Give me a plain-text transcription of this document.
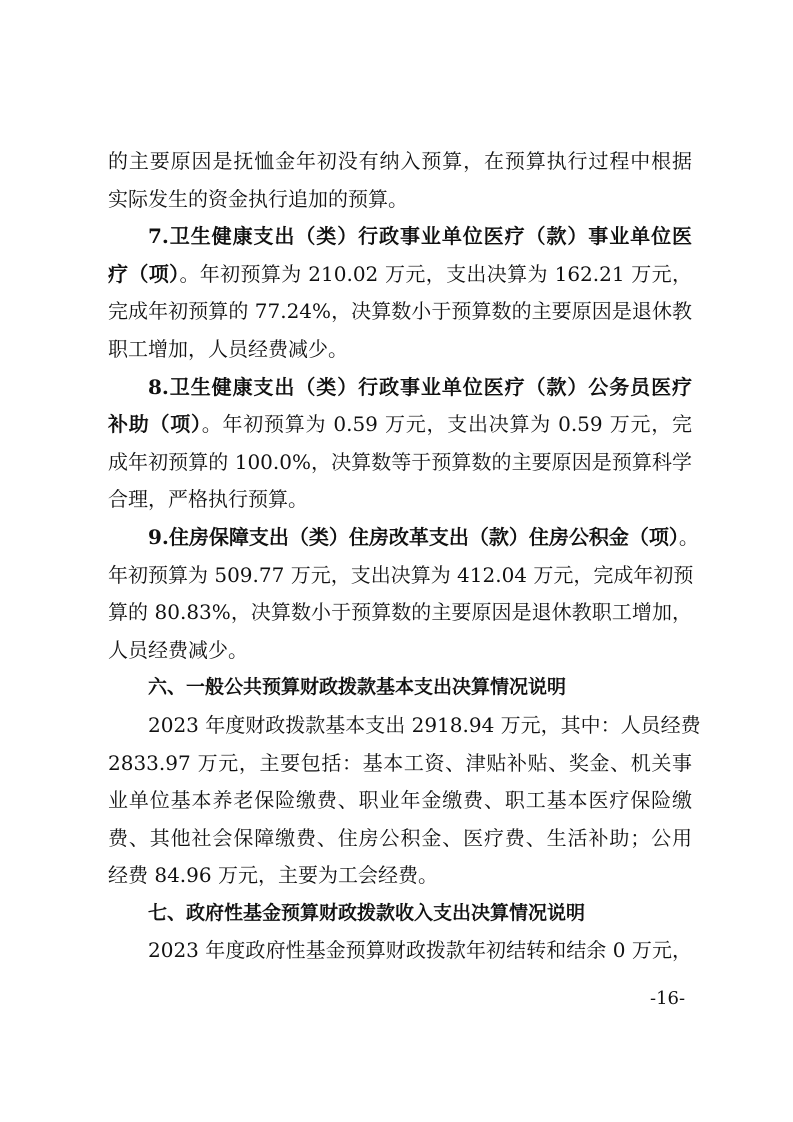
的主要原因是抚恤金年初没有纳入预算，在预算执行过程中根据
实际发生的资金执行追加的预算。
7.卫生健康支出（类）行政事业单位医疗（款）事业单位医
疗（项）。年初预算为 210.02 万元，支出决算为 162.21 万元，
完成年初预算的 77.24%，决算数小于预算数的主要原因是退休教
职工增加，人员经费减少。
8.卫生健康支出（类）行政事业单位医疗（款）公务员医疗
补助（项）。年初预算为 0.59 万元，支出决算为 0.59 万元，完
成年初预算的 100.0%，决算数等于预算数的主要原因是预算科学
合理，严格执行预算。
9.住房保障支出（类）住房改革支出（款）住房公积金（项）。
年初预算为 509.77 万元，支出决算为 412.04 万元，完成年初预
算的 80.83%，决算数小于预算数的主要原因是退休教职工增加，
人员经费减少。
六、一般公共预算财政拨款基本支出决算情况说明
2023 年度财政拨款基本支出 2918.94 万元，其中：人员经费
2833.97 万元，主要包括：基本工资、津贴补贴、奖金、机关事
业单位基本养老保险缴费、职业年金缴费、职工基本医疗保险缴
费、其他社会保障缴费、住房公积金、医疗费、生活补助；公用
经费 84.96 万元，主要为工会经费。
七、政府性基金预算财政拨款收入支出决算情况说明
2023 年度政府性基金预算财政拨款年初结转和结余 0 万元，
-16-
